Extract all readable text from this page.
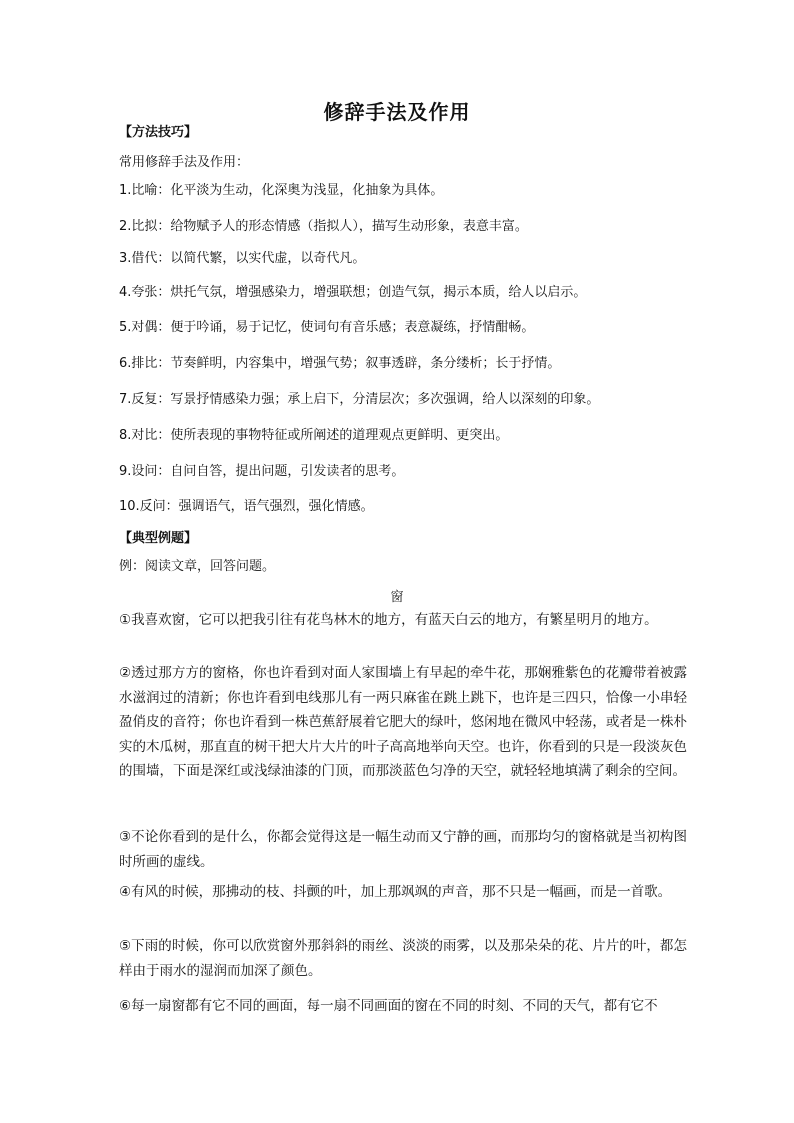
修辞手法及作用
【方法技巧】
常用修辞手法及作用：
1.比喻：化平淡为生动，化深奥为浅显，化抽象为具体。
2.比拟：给物赋予人的形态情感（指拟人），描写生动形象，表意丰富。
3.借代：以简代繁，以实代虚，以奇代凡。
4.夸张：烘托气氛，增强感染力，增强联想；创造气氛，揭示本质，给人以启示。
5.对偶：便于吟诵，易于记忆，使词句有音乐感；表意凝练，抒情酣畅。
6.排比：节奏鲜明，内容集中，增强气势；叙事透辟，条分缕析；长于抒情。
7.反复：写景抒情感染力强；承上启下，分清层次；多次强调，给人以深刻的印象。
8.对比：使所表现的事物特征或所阐述的道理观点更鲜明、更突出。
9.设问：自问自答，提出问题，引发读者的思考。
10.反问：强调语气，语气强烈，强化情感。
【典型例题】
例：阅读文章，回答问题。
窗
①我喜欢窗，它可以把我引往有花鸟林木的地方，有蓝天白云的地方，有繁星明月的地方。
②透过那方方的窗格，你也许看到对面人家围墙上有早起的牵牛花，那娴雅紫色的花瓣带着被露水滋润过的清新；你也许看到电线那儿有一两只麻雀在跳上跳下，也许是三四只，恰像一小串轻盈俏皮的音符；你也许看到一株芭蕉舒展着它肥大的绿叶，悠闲地在微风中轻荡，或者是一株朴实的木瓜树，那直直的树干把大片大片的叶子高高地举向天空。也许，你看到的只是一段淡灰色的围墙，下面是深红或浅绿油漆的门顶，而那淡蓝色匀净的天空，就轻轻地填满了剩余的空间。
③不论你看到的是什么，你都会觉得这是一幅生动而又宁静的画，而那均匀的窗格就是当初构图时所画的虚线。
④有风的时候，那拂动的枝、抖颤的叶，加上那飒飒的声音，那不只是一幅画，而是一首歌。
⑤下雨的时候，你可以欣赏窗外那斜斜的雨丝、淡淡的雨雾，以及那朵朵的花、片片的叶，都怎样由于雨水的湿润而加深了颜色。
⑥每一扇窗都有它不同的画面，每一扇不同画面的窗在不同的时刻、不同的天气，都有它不
